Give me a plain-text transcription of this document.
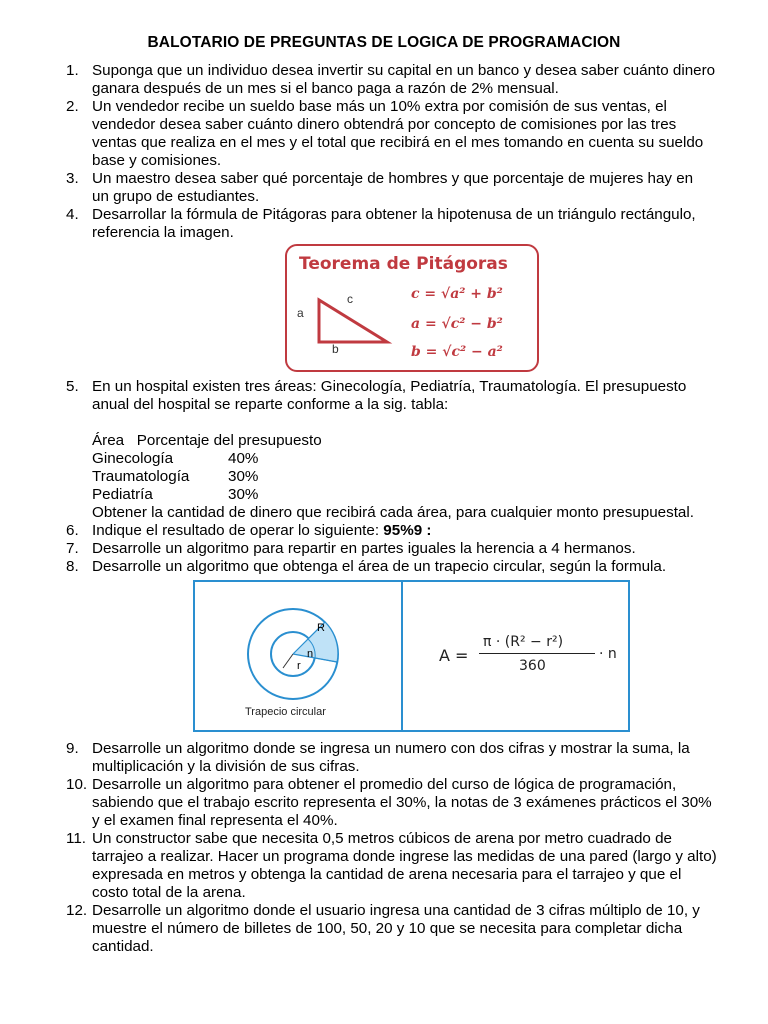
BALOTARIO DE PREGUNTAS DE LOGICA DE PROGRAMACION
1. Suponga que un individuo desea invertir su capital en un banco y desea saber cuánto dinero
ganara después de un mes si el banco paga a razón de 2% mensual.
2. Un vendedor recibe un sueldo base más un 10% extra por comisión de sus ventas, el
vendedor desea saber cuánto dinero obtendrá por concepto de comisiones por las tres
ventas que realiza en el mes y el total que recibirá en el mes tomando en cuenta su sueldo
base y comisiones.
3. Un maestro desea saber qué porcentaje de hombres y que porcentaje de mujeres hay en
un grupo de estudiantes.
4. Desarrollar la fórmula de Pitágoras para obtener la hipotenusa de un triángulo rectángulo,
referencia la imagen.
5. En un hospital existen tres áreas: Ginecología, Pediatría, Traumatología. El presupuesto
anual del hospital se reparte conforme a la sig. tabla:
6. Indique el resultado de operar lo siguiente: 95%9 :
7. Desarrolle un algoritmo para repartir en partes iguales la herencia a 4 hermanos.
8. Desarrolle un algoritmo que obtenga el área de un trapecio circular, según la formula.
9. Desarrolle un algoritmo donde se ingresa un numero con dos cifras y mostrar la suma, la
multiplicación y la división de sus cifras.
10. Desarrolle un algoritmo para obtener el promedio del curso de lógica de programación,
sabiendo que el trabajo escrito representa el 30%, la notas de 3 exámenes prácticos el 30%
y el examen final representa el 40%.
11. Un constructor sabe que necesita 0,5 metros cúbicos de arena por metro cuadrado de
tarrajeo a realizar. Hacer un programa donde ingrese las medidas de una pared (largo y alto)
expresada en metros y obtenga la cantidad de arena necesaria para el tarrajeo y que el
costo total de la arena.
12. Desarrolle un algoritmo donde el usuario ingresa una cantidad de 3 cifras múltiplo de 10, y
muestre el número de billetes de 100, 50, 20 y 10 que se necesita para completar dicha
cantidad.
Área Porcentaje del presupuesto
Ginecología	40%
Traumatología	30%
Pediatría	30%
Obtener la cantidad de dinero que recibirá cada área, para cualquier monto presupuestal.
Teorema de Pitágoras
a
b
c	c = √a² + b²
a = √c² − b²
b = √c² − a²
R
r
n
Trapecio circular
A =
π · (R² − r²)
360
· n
